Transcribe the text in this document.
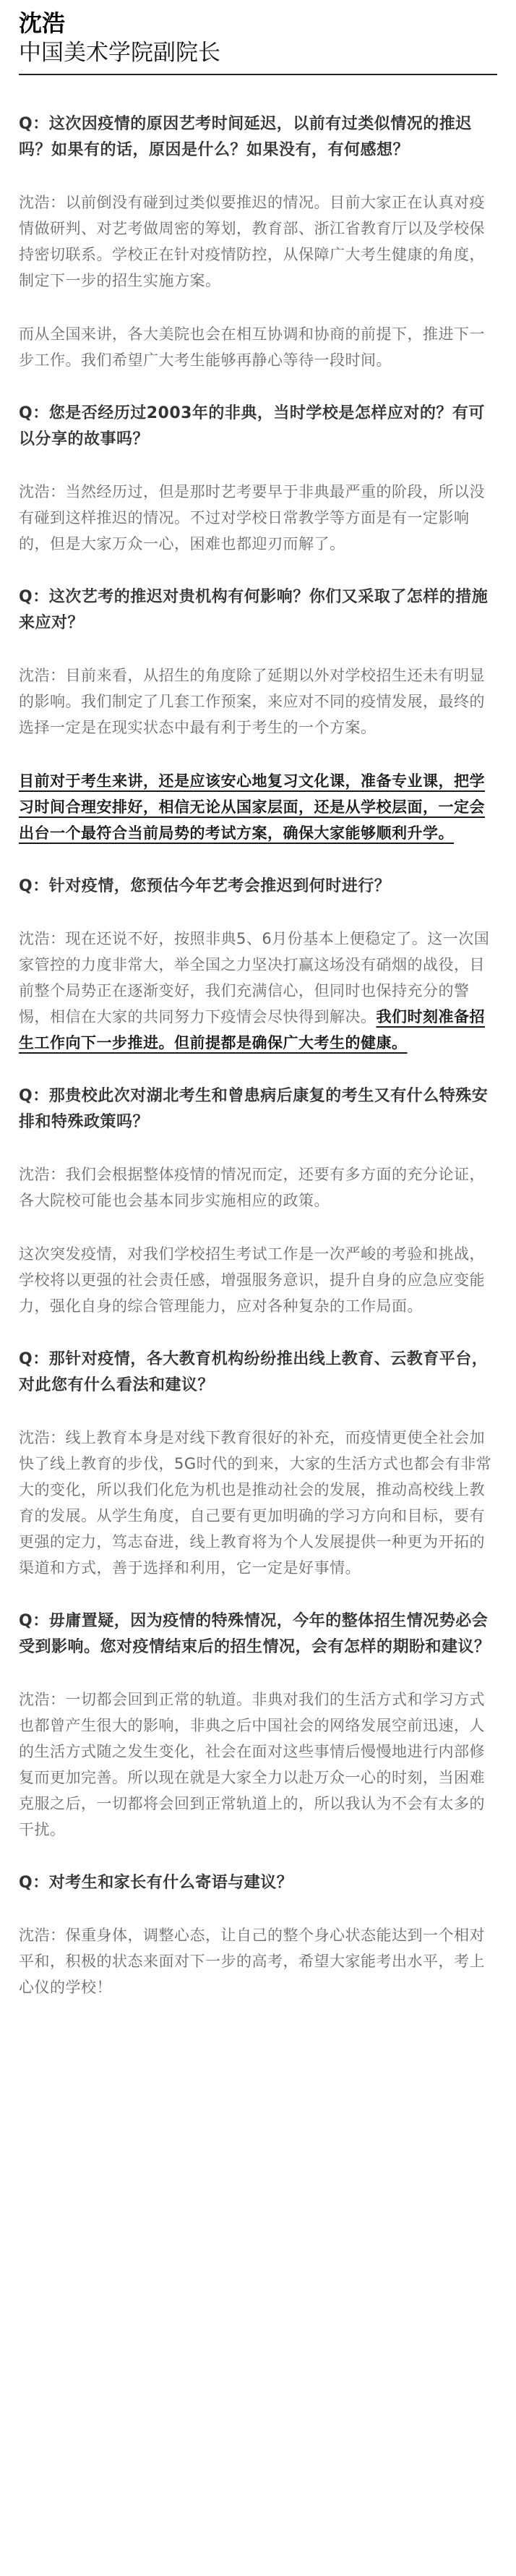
沈浩
中国美术学院副院长

Q：这次因疫情的原因艺考时间延迟，以前有过类似情况的推迟吗？如果有的话，原因是什么？如果没有，有何感想？

沈浩：以前倒没有碰到过类似要推迟的情况。目前大家正在认真对疫情做研判、对艺考做周密的筹划，教育部、浙江省教育厅以及学校保持密切联系。学校正在针对疫情防控，从保障广大考生健康的角度，制定下一步的招生实施方案。

而从全国来讲，各大美院也会在相互协调和协商的前提下，推进下一步工作。我们希望广大考生能够再静心等待一段时间。

Q：您是否经历过2003年的非典，当时学校是怎样应对的？有可以分享的故事吗？

沈浩：当然经历过，但是那时艺考要早于非典最严重的阶段，所以没有碰到这样推迟的情况。不过对学校日常教学等方面是有一定影响的，但是大家万众一心，困难也都迎刃而解了。

Q：这次艺考的推迟对贵机构有何影响？你们又采取了怎样的措施来应对？

沈浩：目前来看，从招生的角度除了延期以外对学校招生还未有明显的影响。我们制定了几套工作预案，来应对不同的疫情发展，最终的选择一定是在现实状态中最有利于考生的一个方案。

目前对于考生来讲，还是应该安心地复习文化课，准备专业课，把学习时间合理安排好，相信无论从国家层面，还是从学校层面，一定会出台一个最符合当前局势的考试方案，确保大家能够顺利升学。

Q：针对疫情，您预估今年艺考会推迟到何时进行？

沈浩：现在还说不好，按照非典5、6月份基本上便稳定了。这一次国家管控的力度非常大，举全国之力坚决打赢这场没有硝烟的战役，目前整个局势正在逐渐变好，我们充满信心，但同时也保持充分的警惕，相信在大家的共同努力下疫情会尽快得到解决。我们时刻准备招生工作向下一步推进。但前提都是确保广大考生的健康。

Q：那贵校此次对湖北考生和曾患病后康复的考生又有什么特殊安排和特殊政策吗？

沈浩：我们会根据整体疫情的情况而定，还要有多方面的充分论证，各大院校可能也会基本同步实施相应的政策。

这次突发疫情，对我们学校招生考试工作是一次严峻的考验和挑战，学校将以更强的社会责任感，增强服务意识，提升自身的应急应变能力，强化自身的综合管理能力，应对各种复杂的工作局面。

Q：那针对疫情，各大教育机构纷纷推出线上教育、云教育平台，对此您有什么看法和建议？

沈浩：线上教育本身是对线下教育很好的补充，而疫情更使全社会加快了线上教育的步伐，5G时代的到来，大家的生活方式也都会有非常大的变化，所以我们化危为机也是推动社会的发展，推动高校线上教育的发展。从学生角度，自己要有更加明确的学习方向和目标，要有更强的定力，笃志奋进，线上教育将为个人发展提供一种更为开拓的渠道和方式，善于选择和利用，它一定是好事情。

Q：毋庸置疑，因为疫情的特殊情况，今年的整体招生情况势必会受到影响。您对疫情结束后的招生情况，会有怎样的期盼和建议？

沈浩：一切都会回到正常的轨道。非典对我们的生活方式和学习方式也都曾产生很大的影响，非典之后中国社会的网络发展空前迅速，人的生活方式随之发生变化，社会在面对这些事情后慢慢地进行内部修复而更加完善。所以现在就是大家全力以赴万众一心的时刻，当困难克服之后，一切都将会回到正常轨道上的，所以我认为不会有太多的干扰。

Q：对考生和家长有什么寄语与建议？

沈浩：保重身体，调整心态，让自己的整个身心状态能达到一个相对平和，积极的状态来面对下一步的高考，希望大家能考出水平，考上心仪的学校！
